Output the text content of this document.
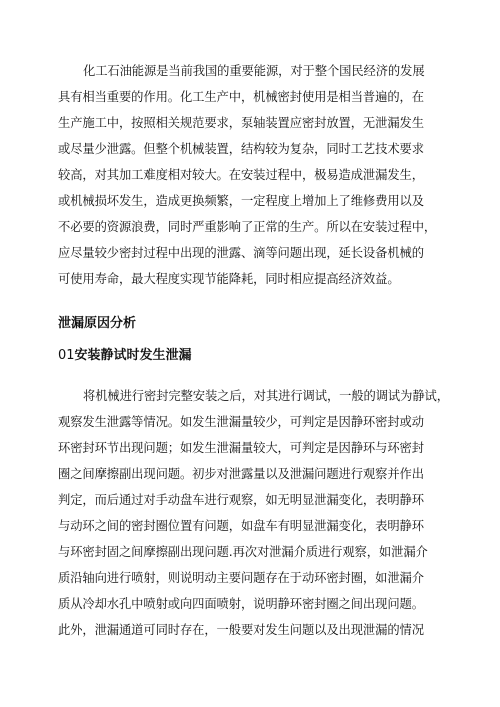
化工石油能源是当前我国的重要能源，对于整个国民经济的发展
具有相当重要的作用。化工生产中，机械密封使用是相当普遍的，在
生产施工中，按照相关规范要求，泵轴装置应密封放置，无泄漏发生
或尽量少泄露。但整个机械装置，结构较为复杂，同时工艺技术要求
较高，对其加工难度相对较大。在安装过程中，极易造成泄漏发生，
或机械损坏发生，造成更换频繁，一定程度上增加上了维修费用以及
不必要的资源浪费，同时严重影响了正常的生产。所以在安装过程中，
应尽量较少密封过程中出现的泄露、滴等问题出现，延长设备机械的
可使用寿命，最大程度实现节能降耗，同时相应提高经济效益。
泄漏原因分析
01安装静试时发生泄漏
将机械进行密封完整安装之后，对其进行调试，一般的调试为静试，
观察发生泄露等情况。如发生泄漏量较少，可判定是因静环密封或动
环密封环节出现问题；如发生泄漏量较大，可判定是因静环与环密封
圈之间摩擦副出现问题。初步对泄露量以及泄漏问题进行观察并作出
判定，而后通过对手动盘车进行观察，如无明显泄漏变化，表明静环
与动环之间的密封圈位置有问题，如盘车有明显泄漏变化，表明静环
与环密封固之间摩擦副出现问题.再次对泄漏介质进行观察，如泄漏介
质沿轴向进行喷射，则说明动主要问题存在于动环密封圈，如泄漏介
质从冷却水孔中喷射或向四面喷射，说明静环密封圈之间出现问题。
此外，泄漏通道可同时存在，一般要对发生问题以及出现泄漏的情况
